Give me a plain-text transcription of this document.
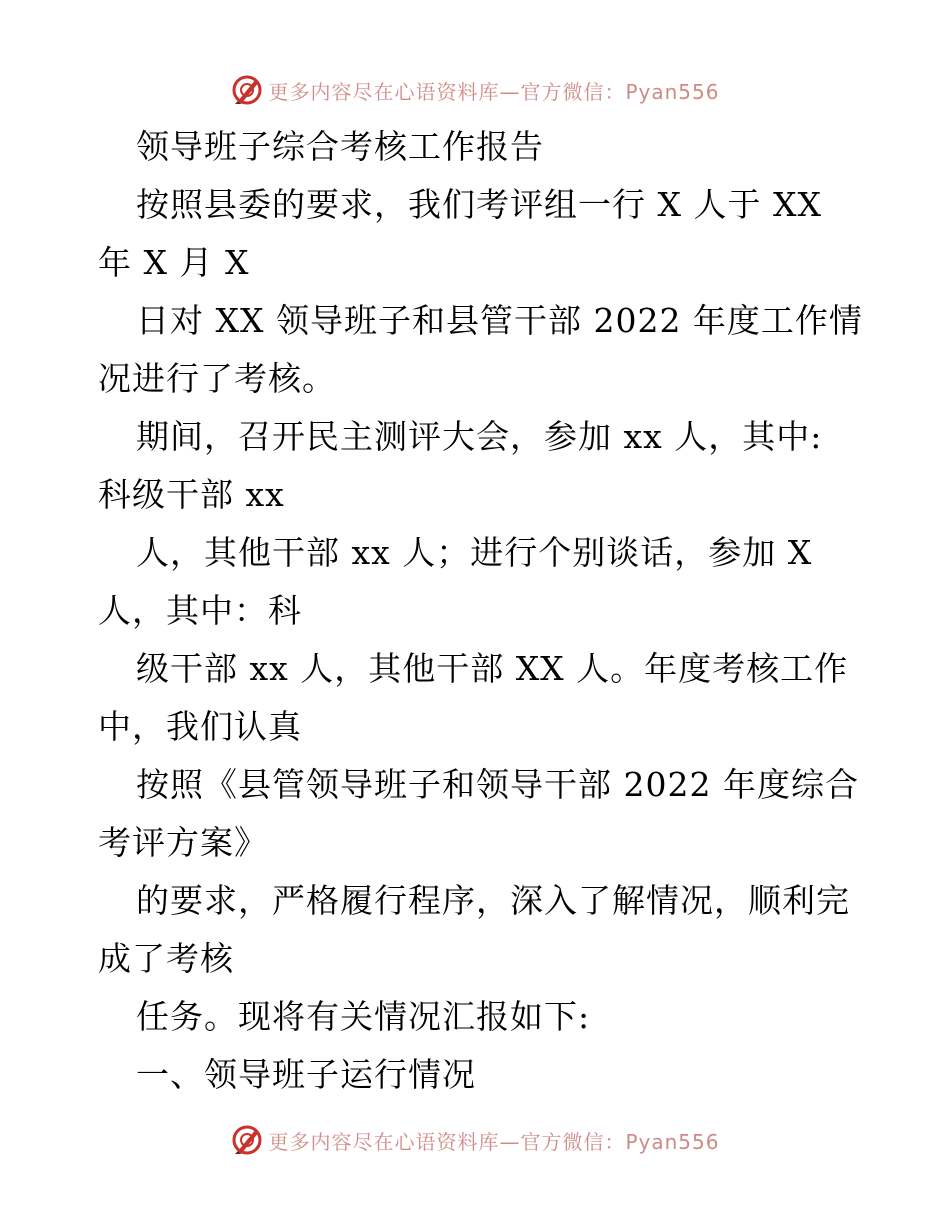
更多内容尽在心语资料库—官方微信：Pyan556
领导班子综合考核工作报告
按照县委的要求，我们考评组一行 X 人于 XX
年 X 月 X
日对 XX 领导班子和县管干部 2022 年度工作情
况进行了考核。
期间，召开民主测评大会，参加 xx 人，其中:
科级干部 xx
人，其他干部 xx 人；进行个别谈话，参加 X
人，其中：科
级干部 xx 人，其他干部 XX 人。年度考核工作
中，我们认真
按照《县管领导班子和领导干部 2022 年度综合
考评方案》
的要求，严格履行程序，深入了解情况，顺利完
成了考核
任务。现将有关情况汇报如下:
一、领导班子运行情况
更多内容尽在心语资料库—官方微信：Pyan556
